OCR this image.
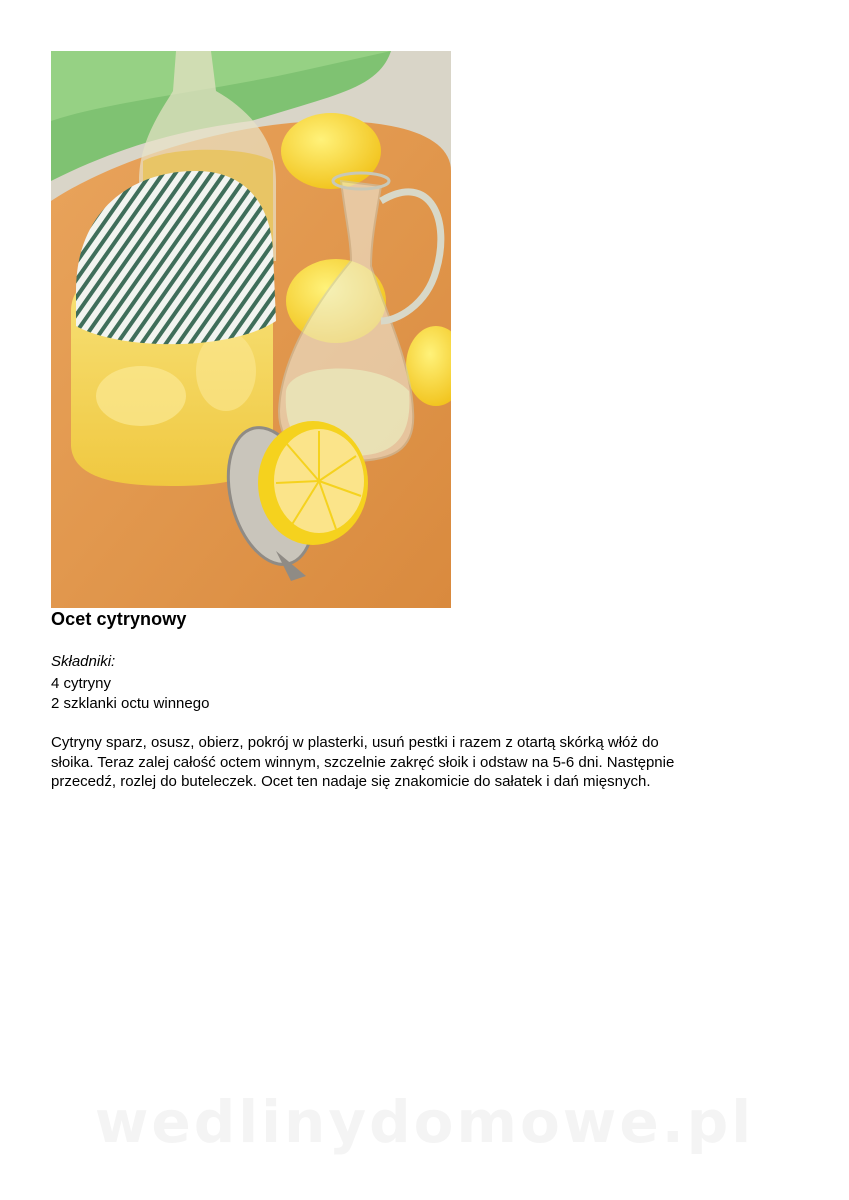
Ocet cytrynowy
Składniki:
4 cytryny
2 szklanki octu winnego

Cytryny sparz, osusz, obierz, pokrój w plasterki, usuń pestki i razem z otartą skórką włóż do
słoika. Teraz zalej całość octem winnym, szczelnie zakręć słoik i odstaw na 5-6 dni. Następnie
przecedź, rozlej do buteleczek. Ocet ten nadaje się znakomicie do sałatek i dań mięsnych.

wedlinydomowe.pl
